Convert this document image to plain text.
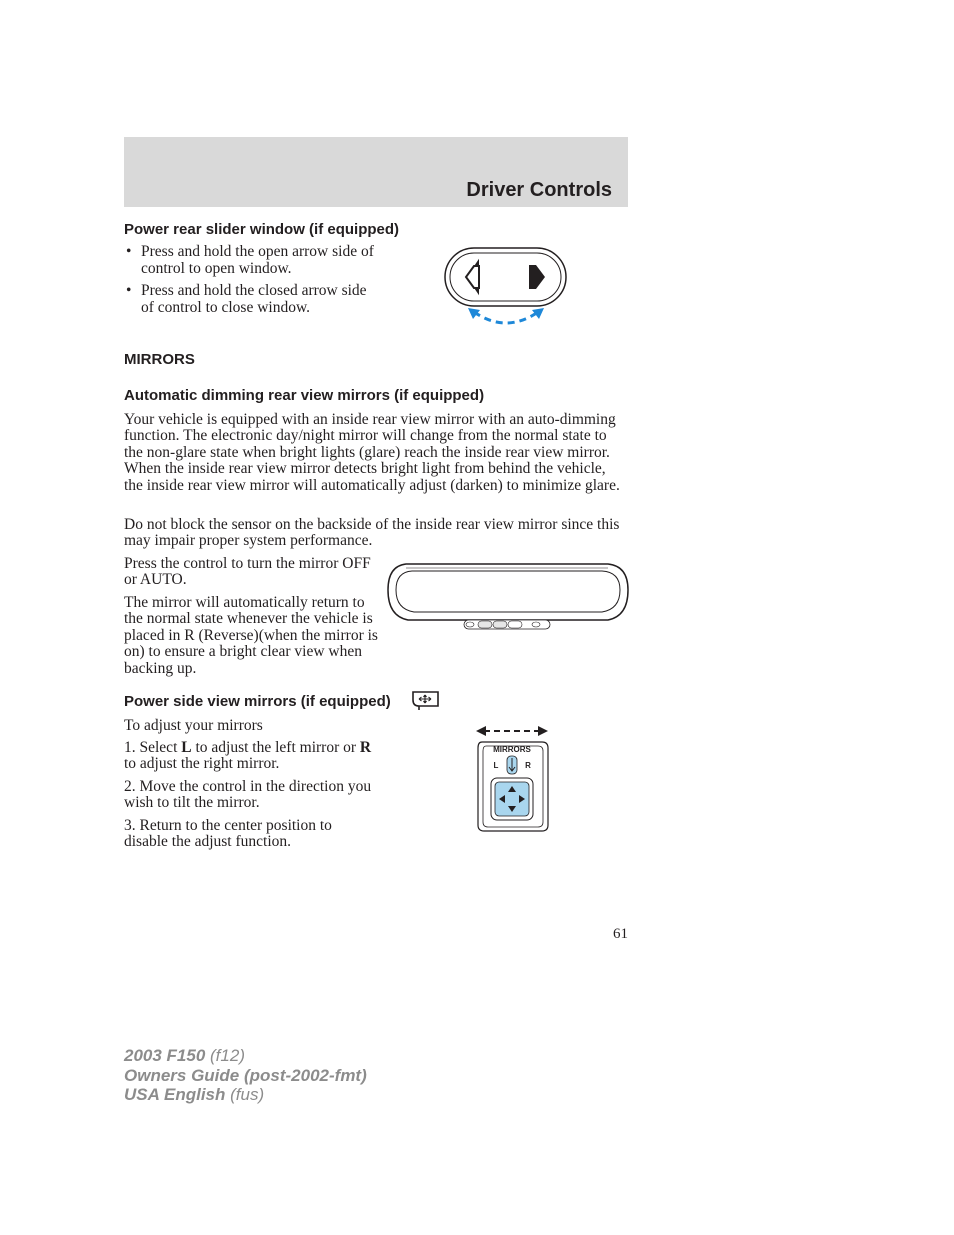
Driver Controls
Power rear slider window (if equipped)
• Press and hold the open arrow side of control to open window.
• Press and hold the closed arrow side of control to close window.
MIRRORS
Automatic dimming rear view mirrors (if equipped)
Your vehicle is equipped with an inside rear view mirror with an auto-dimming function. The electronic day/night mirror will change from the normal state to the non-glare state when bright lights (glare) reach the inside rear view mirror. When the inside rear view mirror detects bright light from behind the vehicle, the inside rear view mirror will automatically adjust (darken) to minimize glare.
Do not block the sensor on the backside of the inside rear view mirror since this may impair proper system performance.
Press the control to turn the mirror OFF or AUTO.
The mirror will automatically return to the normal state whenever the vehicle is placed in R (Reverse)(when the mirror is on) to ensure a bright clear view when backing up.
Power side view mirrors (if equipped)
To adjust your mirrors
1. Select L to adjust the left mirror or R to adjust the right mirror.
2. Move the control in the direction you wish to tilt the mirror.
3. Return to the center position to disable the adjust function.
MIRRORS
L	R
61
2003 F150 (f12)
Owners Guide (post-2002-fmt)
USA English (fus)
